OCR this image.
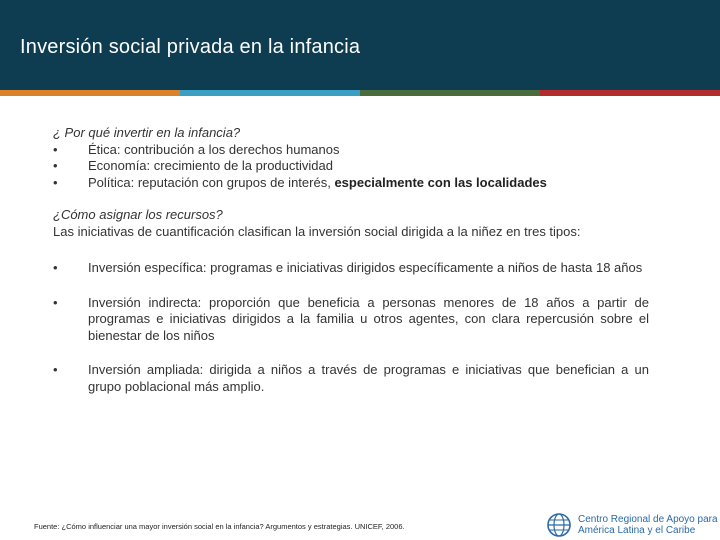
Inversión social privada en la infancia
¿ Por qué invertir en la infancia?
•	Ética: contribución a los derechos humanos
•	Economía: crecimiento de la productividad
•	Política: reputación con grupos de interés, especialmente con las localidades
¿Cómo asignar los recursos?
Las iniciativas de cuantificación clasifican la inversión social dirigida a la niñez en tres tipos:
•	Inversión específica: programas e iniciativas dirigidos específicamente a niños de hasta 18 años
•	Inversión indirecta: proporción que beneficia a personas menores de 18 años a partir de programas e iniciativas dirigidos a la familia u otros agentes, con clara repercusión sobre el bienestar de los niños
•	Inversión ampliada: dirigida a niños a través de programas e iniciativas que benefician a un grupo poblacional más amplio.
Fuente: ¿Cómo influenciar una mayor inversión social en la infancia? Argumentos y estrategias. UNICEF, 2006.
Centro Regional de Apoyo para
América Latina y el Caribe
